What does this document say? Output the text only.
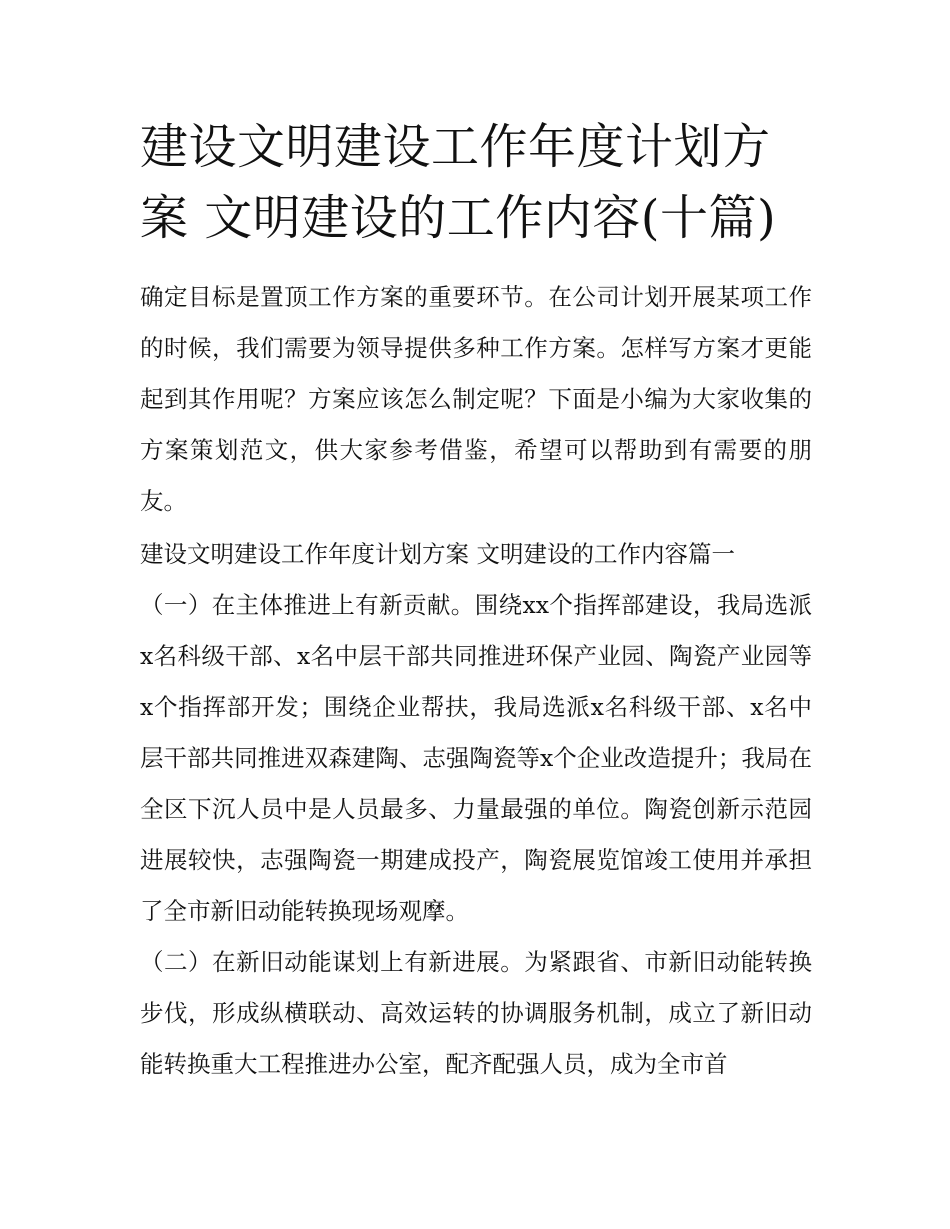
建设文明建设工作年度计划方案 文明建设的工作内容(十篇)

确定目标是置顶工作方案的重要环节。在公司计划开展某项工作的时候，我们需要为领导提供多种工作方案。怎样写方案才更能起到其作用呢？方案应该怎么制定呢？下面是小编为大家收集的方案策划范文，供大家参考借鉴，希望可以帮助到有需要的朋友。

建设文明建设工作年度计划方案 文明建设的工作内容篇一

（一）在主体推进上有新贡献。围绕xx个指挥部建设，我局选派x名科级干部、x名中层干部共同推进环保产业园、陶瓷产业园等x个指挥部开发；围绕企业帮扶，我局选派x名科级干部、x名中层干部共同推进双森建陶、志强陶瓷等x个企业改造提升；我局在全区下沉人员中是人员最多、力量最强的单位。陶瓷创新示范园进展较快，志强陶瓷一期建成投产，陶瓷展览馆竣工使用并承担了全市新旧动能转换现场观摩。

（二）在新旧动能谋划上有新进展。为紧跟省、市新旧动能转换步伐，形成纵横联动、高效运转的协调服务机制，成立了新旧动能转换重大工程推进办公室，配齐配强人员，成为全市首
